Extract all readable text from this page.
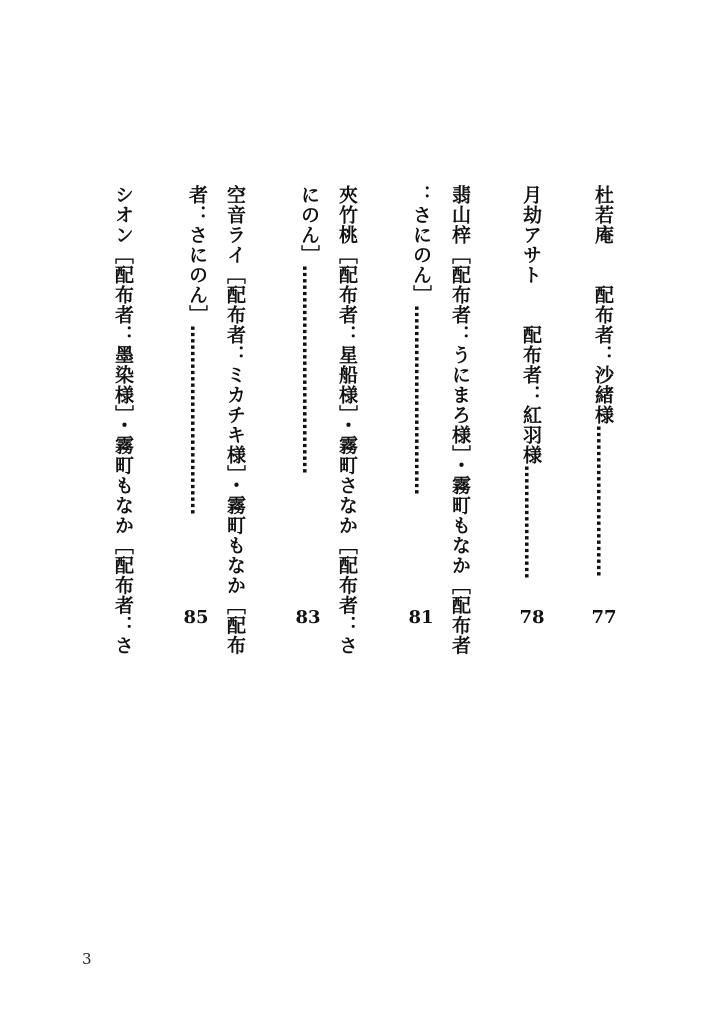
杜若庵　　配布者：沙緒様……………………
77
月劫アサト　　配布者：紅羽様………………
78
翡山梓［配布者：うにまろ様］・霧町もなか［配布者
：さにのん］…………………………
81
夾竹桃［配布者：星船様］・霧町さなか［配布者：さ
にのん］……………………………
83
空音ライ［配布者：ミカチキ様］・霧町もなか［配布
者：さにのん］…………………………
85
シオン［配布者：墨染様］・霧町もなか［配布者：さ
3
